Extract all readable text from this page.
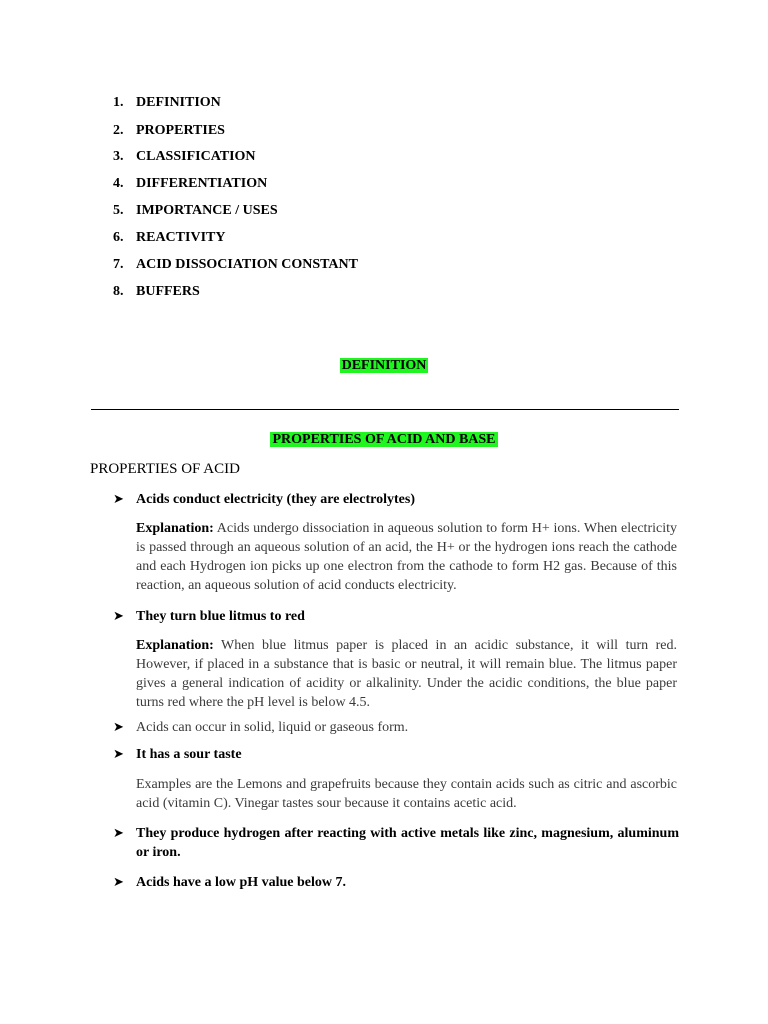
1. DEFINITION
2. PROPERTIES
3. CLASSIFICATION
4. DIFFERENTIATION
5. IMPORTANCE / USES
6. REACTIVITY
7. ACID DISSOCIATION CONSTANT
8. BUFFERS
DEFINITION
PROPERTIES OF ACID AND BASE
PROPERTIES OF ACID
➤ Acids conduct electricity (they are electrolytes)
Explanation: Acids undergo dissociation in aqueous solution to form H+ ions. When electricity is passed through an aqueous solution of an acid, the H+ or the hydrogen ions reach the cathode and each Hydrogen ion picks up one electron from the cathode to form H2 gas. Because of this reaction, an aqueous solution of acid conducts electricity.
➤ They turn blue litmus to red
Explanation: When blue litmus paper is placed in an acidic substance, it will turn red. However, if placed in a substance that is basic or neutral, it will remain blue. The litmus paper gives a general indication of acidity or alkalinity. Under the acidic conditions, the blue paper turns red where the pH level is below 4.5.
➤ Acids can occur in solid, liquid or gaseous form.
➤ It has a sour taste
Examples are the Lemons and grapefruits because they contain acids such as citric and ascorbic acid (vitamin C). Vinegar tastes sour because it contains acetic acid.
➤ They produce hydrogen after reacting with active metals like zinc, magnesium, aluminum or iron.
➤ Acids have a low pH value below 7.
